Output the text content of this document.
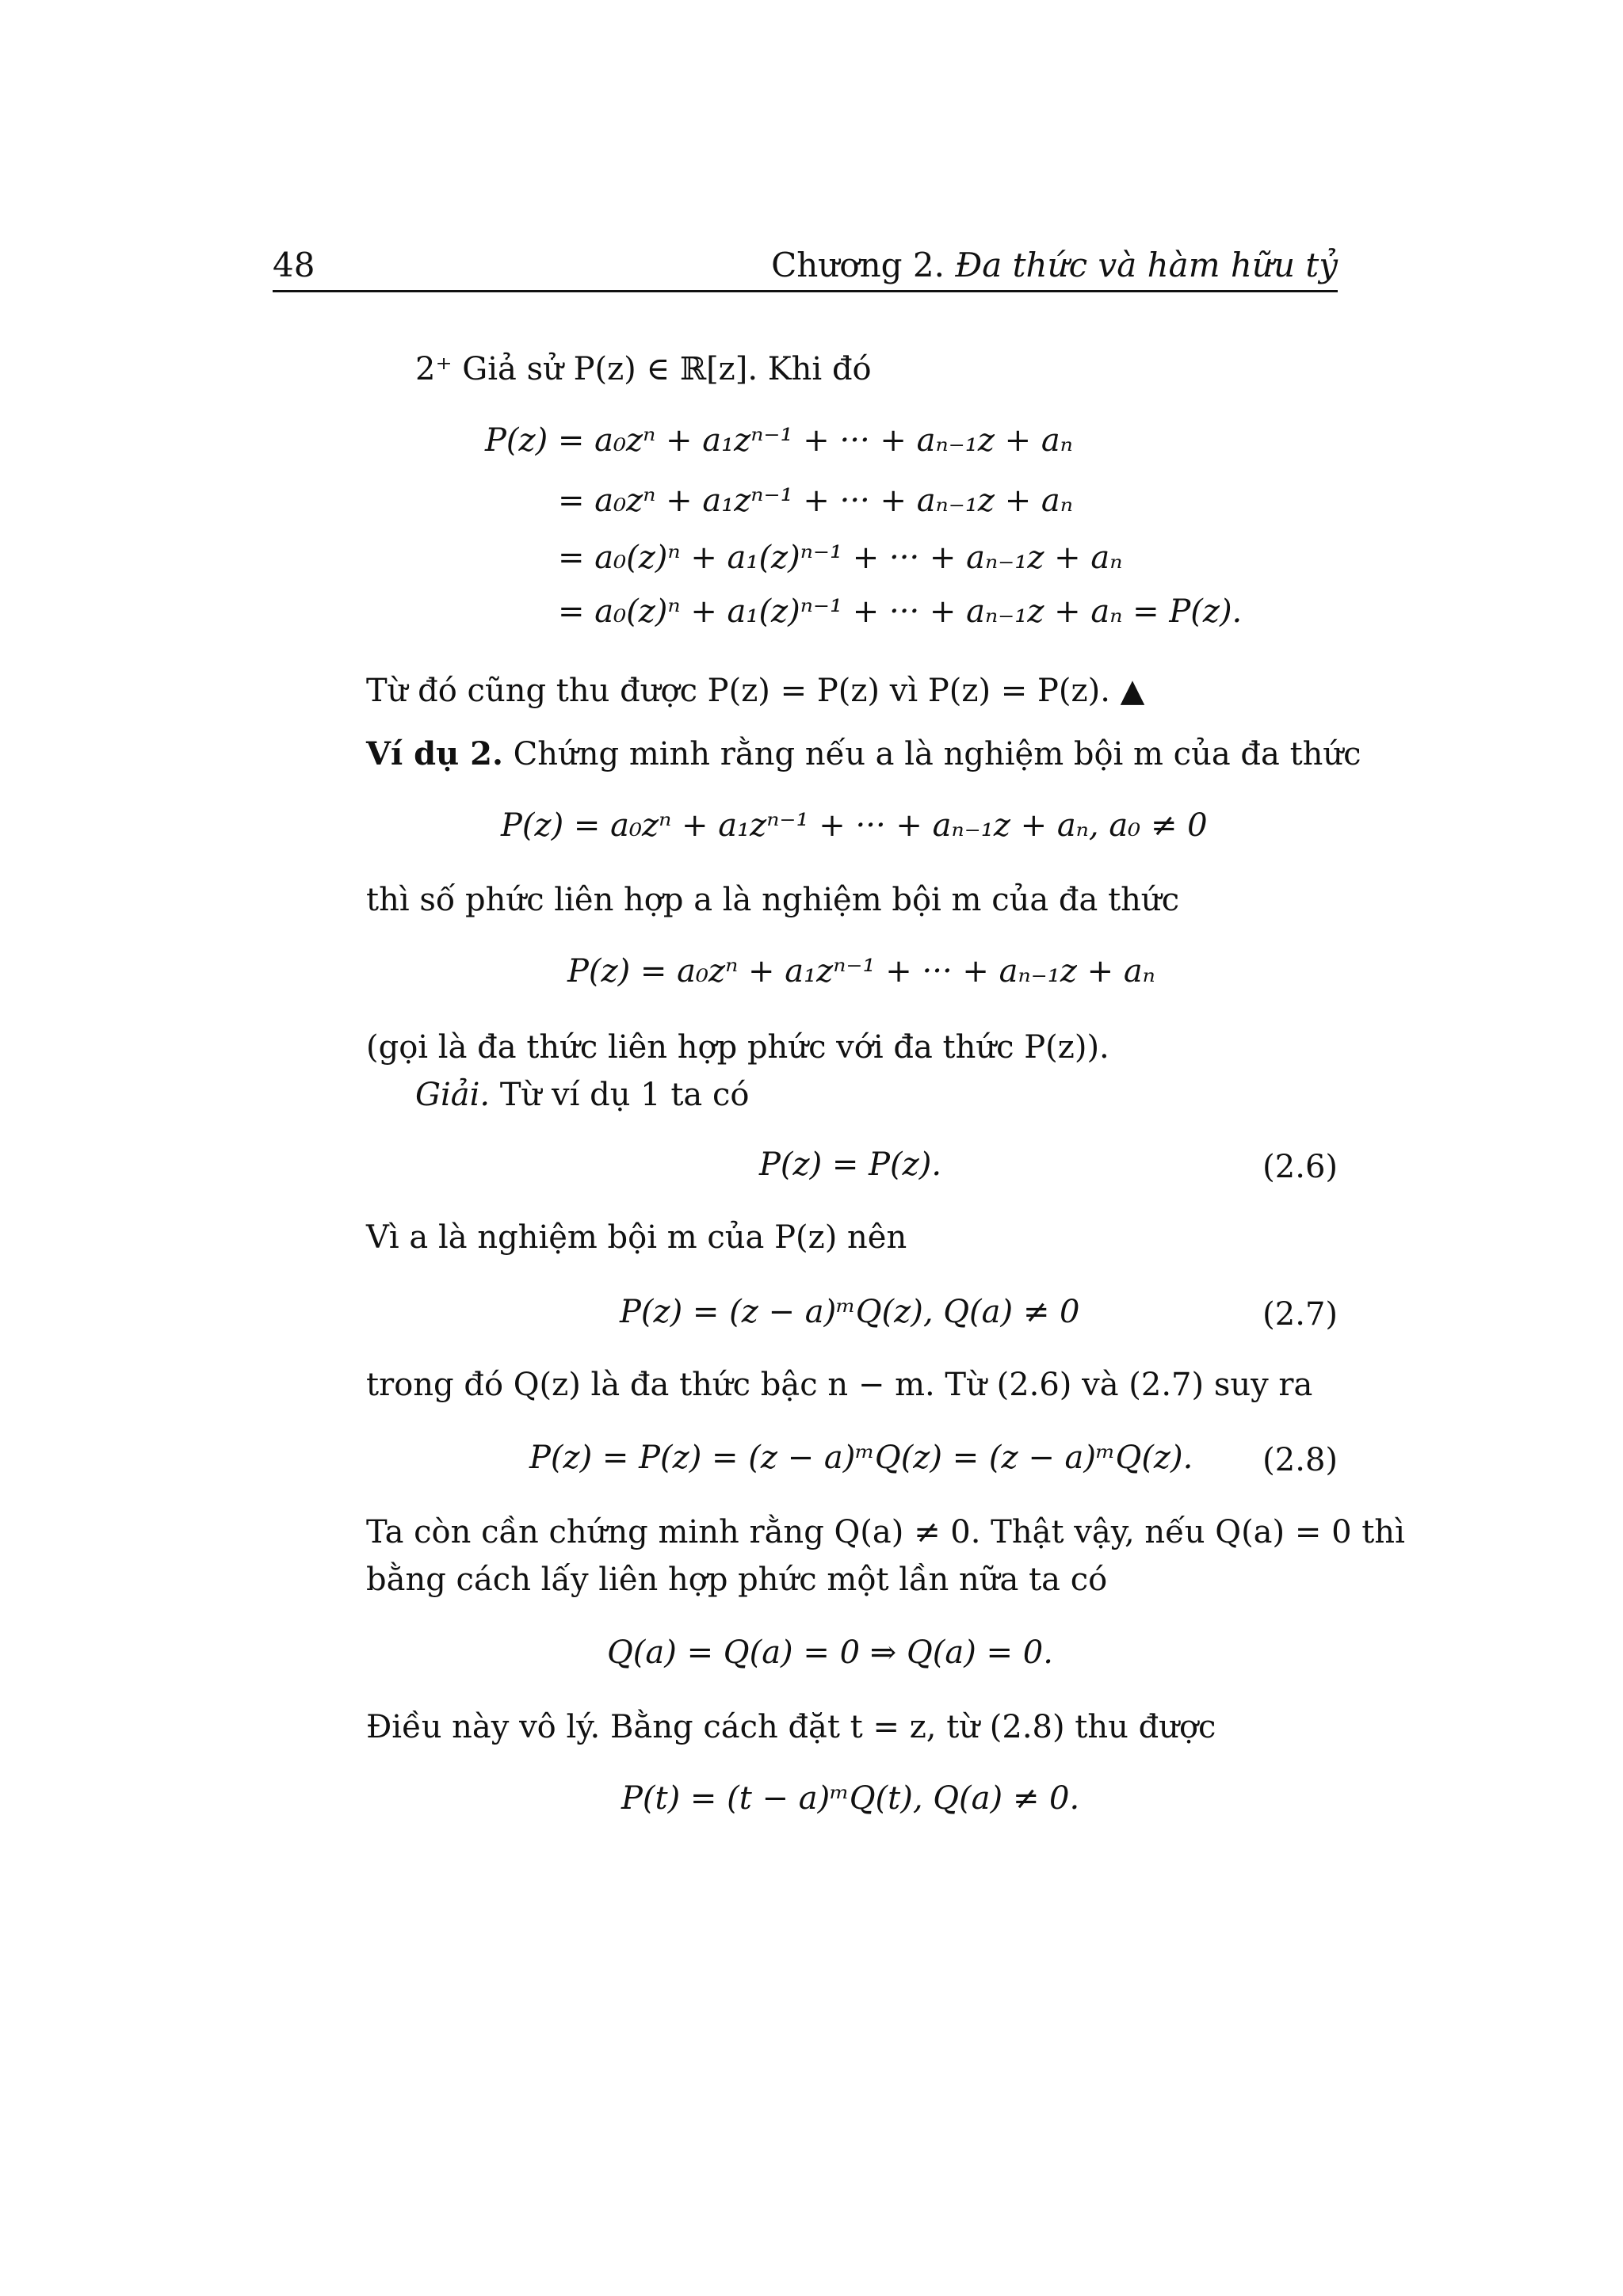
48	Chương 2. Đa thức và hàm hữu tỷ
2⁺ Giả sử P(z) ∈ ℝ[z]. Khi đó
P(z) = a₀zⁿ + a₁zⁿ⁻¹ + ··· + aₙ₋₁z + aₙ
= a₀zⁿ + a₁zⁿ⁻¹ + ··· + aₙ₋₁z + aₙ
= a₀(z)ⁿ + a₁(z)ⁿ⁻¹ + ··· + aₙ₋₁z + aₙ
= a₀(z)ⁿ + a₁(z)ⁿ⁻¹ + ··· + aₙ₋₁z + aₙ = P(z).
Từ đó cũng thu được P(z) = P(z) vì P(z) = P(z). ▲
Ví dụ 2. Chứng minh rằng nếu a là nghiệm bội m của đa thức
P(z) = a₀zⁿ + a₁zⁿ⁻¹ + ··· + aₙ₋₁z + aₙ, a₀ ≠ 0
thì số phức liên hợp a là nghiệm bội m của đa thức
P(z) = a₀zⁿ + a₁zⁿ⁻¹ + ··· + aₙ₋₁z + aₙ
(gọi là đa thức liên hợp phức với đa thức P(z)).
Giải. Từ ví dụ 1 ta có
P(z) = P(z).	(2.6)
Vì a là nghiệm bội m của P(z) nên
P(z) = (z − a)ᵐQ(z), Q(a) ≠ 0	(2.7)
trong đó Q(z) là đa thức bậc n − m. Từ (2.6) và (2.7) suy ra
P(z) = P(z) = (z − a)ᵐQ(z) = (z − a)ᵐQ(z). (2.8)
Ta còn cần chứng minh rằng Q(a) ≠ 0. Thật vậy, nếu Q(a) = 0 thì
bằng cách lấy liên hợp phức một lần nữa ta có
Q(a) = Q(a) = 0 ⇒ Q(a) = 0.
Điều này vô lý. Bằng cách đặt t = z, từ (2.8) thu được
P(t) = (t − a)ᵐQ(t), Q(a) ≠ 0.
